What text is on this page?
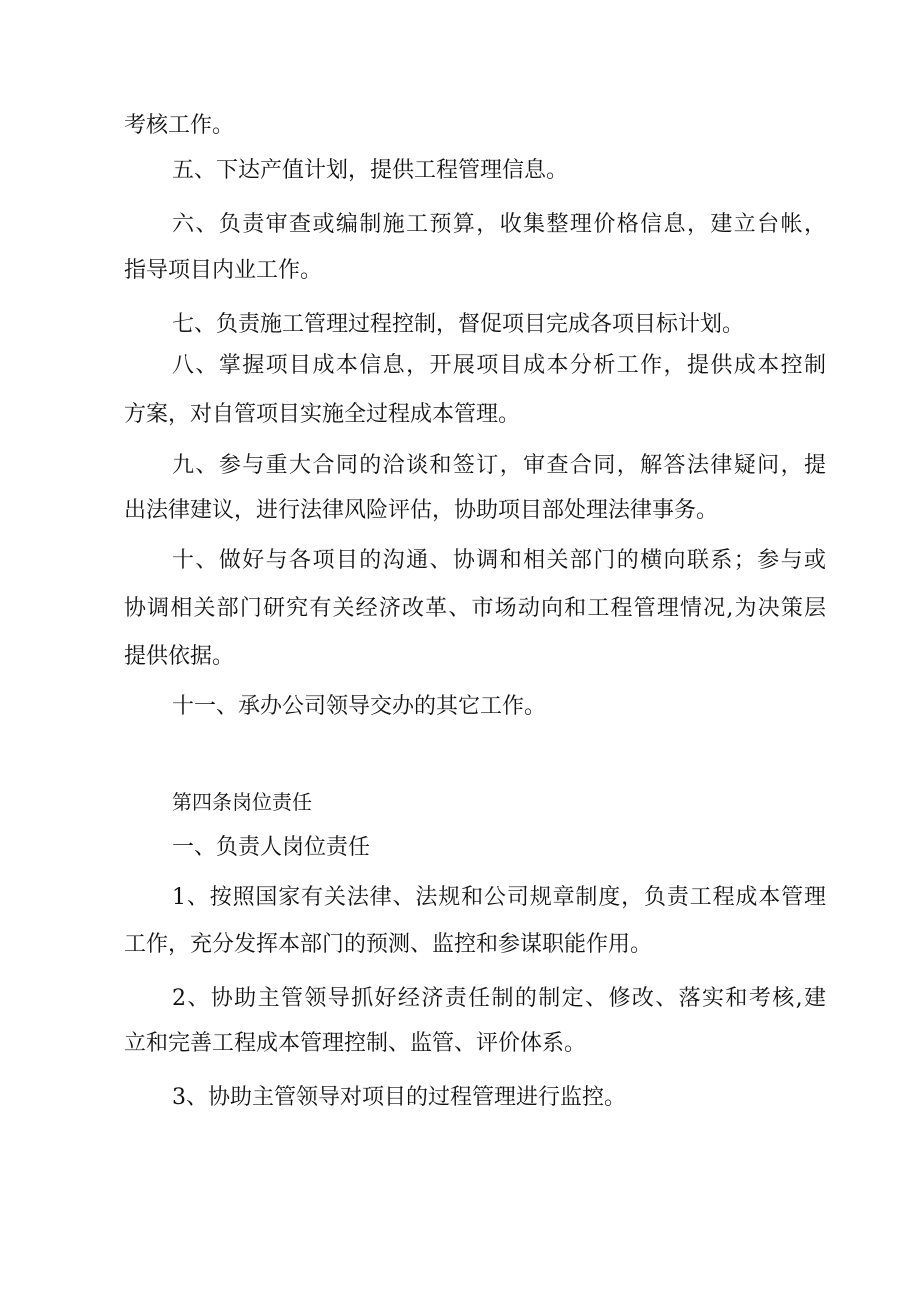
考核工作。
五、下达产值计划，提供工程管理信息。
六、负责审查或编制施工预算，收集整理价格信息，建立台帐，
指导项目内业工作。
七、负责施工管理过程控制，督促项目完成各项目标计划。
八、掌握项目成本信息，开展项目成本分析工作，提供成本控制
方案，对自管项目实施全过程成本管理。
九、参与重大合同的洽谈和签订，审查合同，解答法律疑问，提
出法律建议，进行法律风险评估，协助项目部处理法律事务。
十、做好与各项目的沟通、协调和相关部门的横向联系；参与或
协调相关部门研究有关经济改革、市场动向和工程管理情况,为决策层
提供依据。
十一、承办公司领导交办的其它工作。
第四条岗位责任
一、负责人岗位责任
1、按照国家有关法律、法规和公司规章制度，负责工程成本管理
工作，充分发挥本部门的预测、监控和参谋职能作用。
2、协助主管领导抓好经济责任制的制定、修改、落实和考核,建
立和完善工程成本管理控制、监管、评价体系。
3、协助主管领导对项目的过程管理进行监控。
